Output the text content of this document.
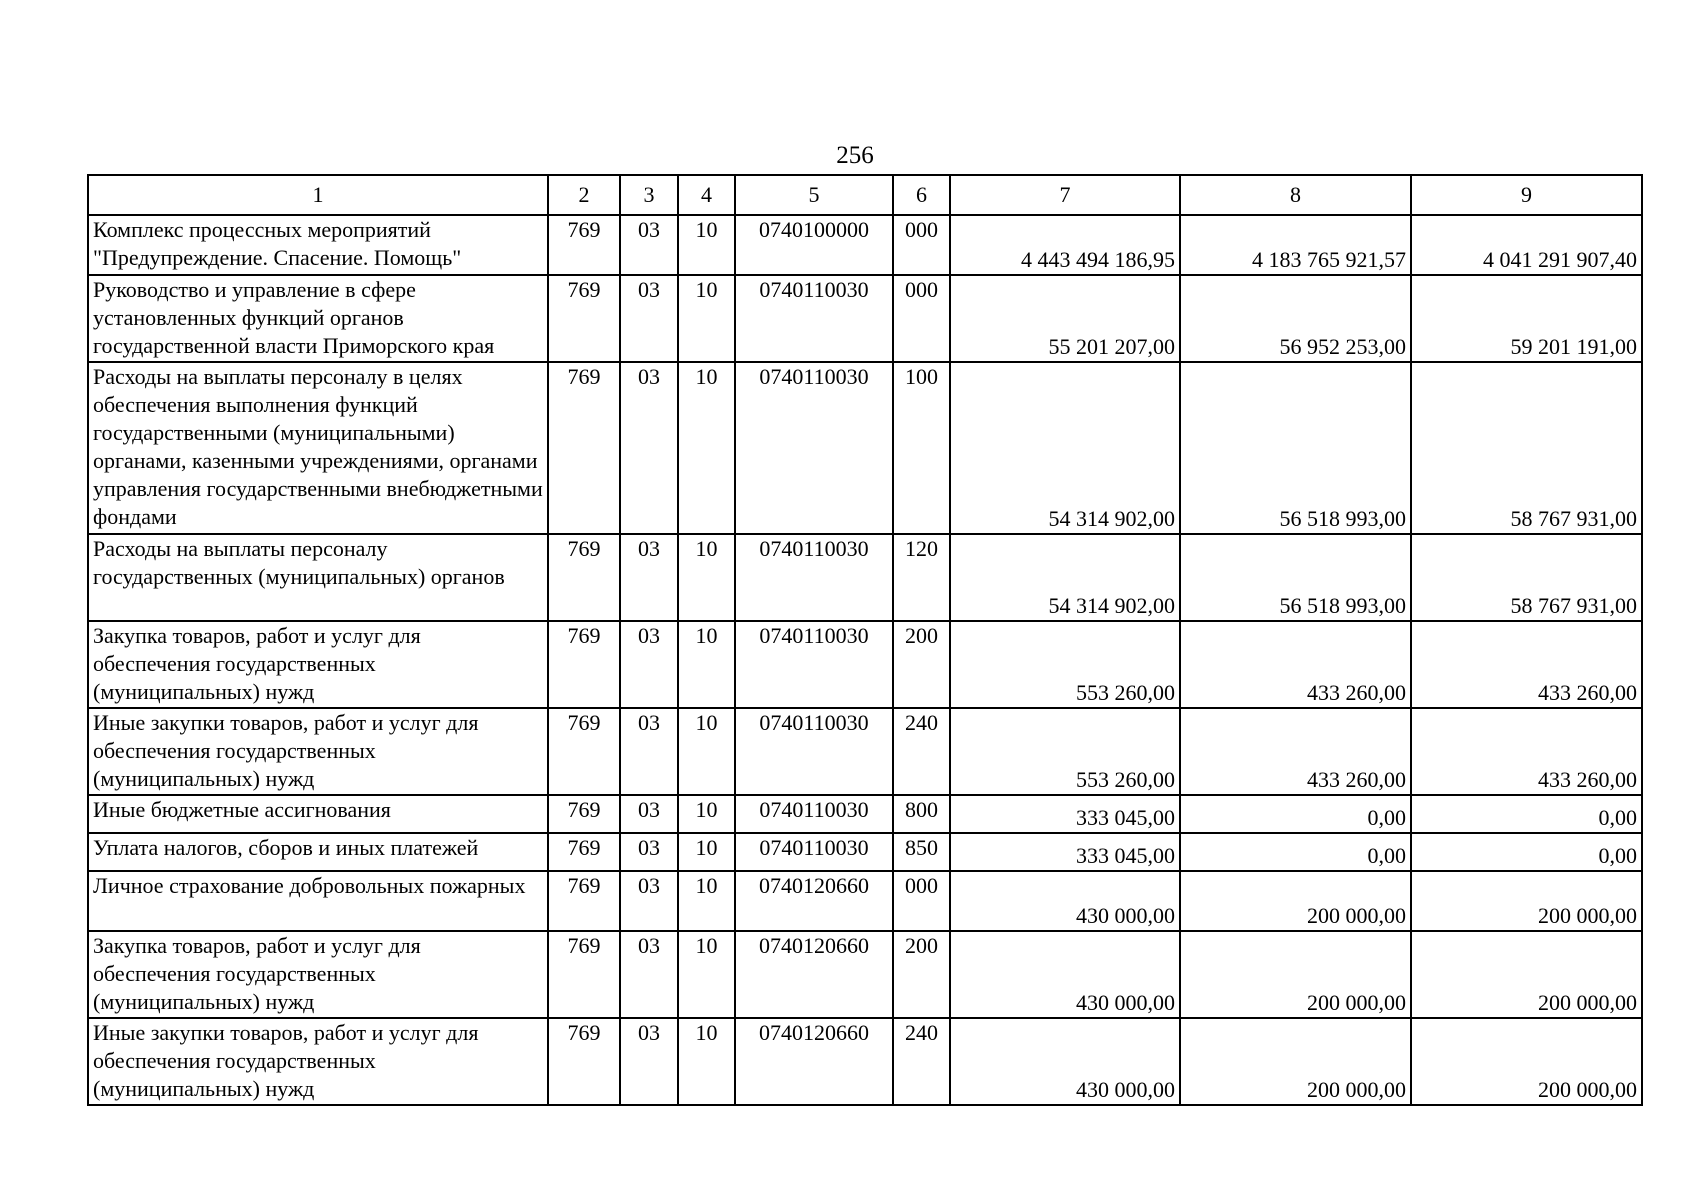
256
1	2	3	4	5	6	7	8	9
Комплекс процессных мероприятий "Предупреждение. Спасение. Помощь"	769	03	10	0740100000	000	4 443 494 186,95	4 183 765 921,57	4 041 291 907,40
Руководство и управление в сфере установленных функций органов государственной власти Приморского края	769	03	10	0740110030	000	55 201 207,00	56 952 253,00	59 201 191,00
Расходы на выплаты персоналу в целях обеспечения выполнения функций государственными (муниципальными) органами, казенными учреждениями, органами управления государственными внебюджетными фондами	769	03	10	0740110030	100	54 314 902,00	56 518 993,00	58 767 931,00
Расходы на выплаты персоналу государственных (муниципальных) органов	769	03	10	0740110030	120	54 314 902,00	56 518 993,00	58 767 931,00
Закупка товаров, работ и услуг для обеспечения государственных (муниципальных) нужд	769	03	10	0740110030	200	553 260,00	433 260,00	433 260,00
Иные закупки товаров, работ и услуг для обеспечения государственных (муниципальных) нужд	769	03	10	0740110030	240	553 260,00	433 260,00	433 260,00
Иные бюджетные ассигнования	769	03	10	0740110030	800	333 045,00	0,00	0,00
Уплата налогов, сборов и иных платежей	769	03	10	0740110030	850	333 045,00	0,00	0,00
Личное страхование добровольных пожарных	769	03	10	0740120660	000	430 000,00	200 000,00	200 000,00
Закупка товаров, работ и услуг для обеспечения государственных (муниципальных) нужд	769	03	10	0740120660	200	430 000,00	200 000,00	200 000,00
Иные закупки товаров, работ и услуг для обеспечения государственных (муниципальных) нужд	769	03	10	0740120660	240	430 000,00	200 000,00	200 000,00
